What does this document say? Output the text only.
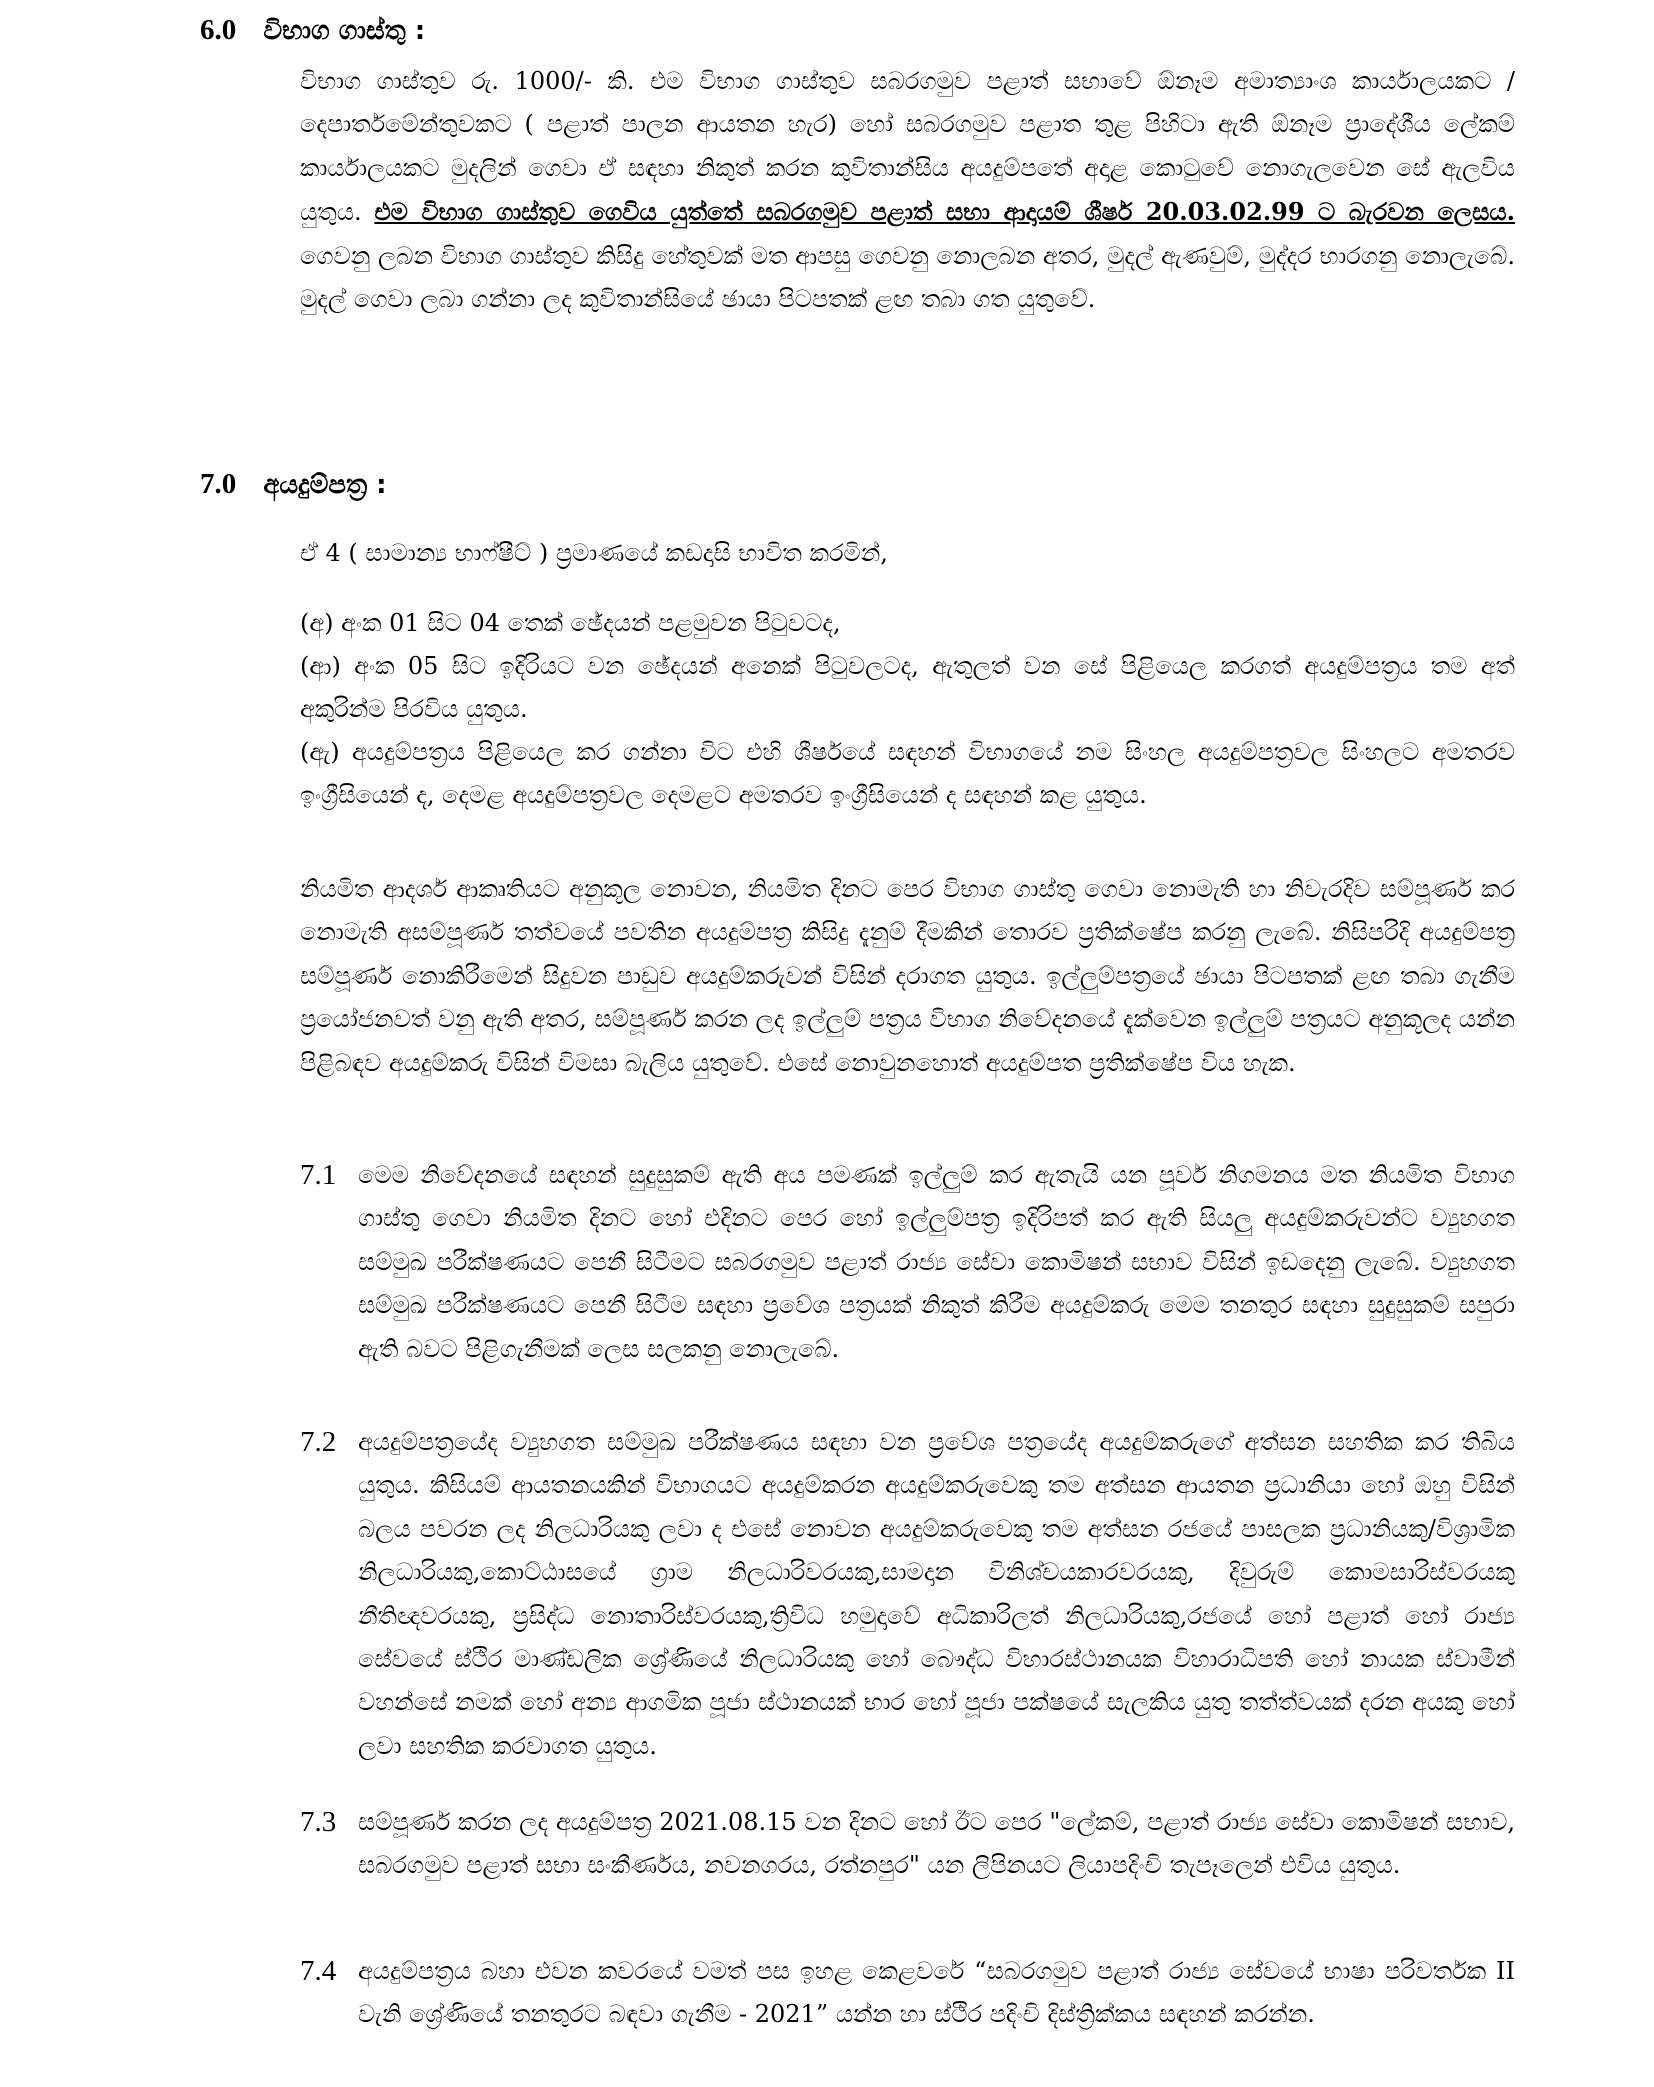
6.0 විභාග ගාස්තු :

විභාග ගාස්තුව රු. 1000/- කි. එම විභාග ගාස්තුව සබරගමුව පළාත් සභාවේ ඕනෑම අමාත්‍යාංශ කාර්යාලයකට / දෙපාර්තමේන්තුවකට ( පළාත් පාලන ආයතන හැර) හෝ සබරගමුව පළාත තුළ පිහිටා ඇති ඕනෑම ප්‍රාදේශීය ලේකම් කාර්යාලයකට මුදලින් ගෙවා ඒ සඳහා නිකුත් කරන කුවිතාන්සිය අයදුම්පතේ අදාළ කොටුවේ නොගැලවෙන සේ ඇලවිය යුතුය. එම විභාග ගාස්තුව ගෙවිය යුත්තේ සබරගමුව පළාත් සභා ආදායම් ශීර්ෂ 20.03.02.99 ට බැරවන ලෙසය. ගෙවනු ලබන විභාග ගාස්තුව කිසිදු හේතුවක් මත ආපසු ගෙවනු නොලබන අතර, මුදල් ඇණවුම්, මුද්දර භාරගනු නොලැබේ. මුදල් ගෙවා ලබා ගන්නා ලද කුවිතාන්සියේ ඡායා පිටපතක් ළඟ තබා ගත යුතුවේ.

7.0 අයදුම්පත්‍ර :

ඒ 4 ( සාමාන්‍ය භාෆ්ෂීට් ) ප්‍රමාණයේ කඩදාසි භාවිත කරමින්,

(අ) අංක 01 සිට 04 තෙක් ඡේදයන් පළමුවන පිටුවටද,

(ආ) අංක 05 සිට ඉදිරියට වන ඡේදයන් අනෙක් පිටුවලටද, ඇතුලත් වන සේ පිළියෙල කරගත් අයදුම්පත්‍රය තම අත් අකුරින්ම පිරවිය යුතුය.

(ඇ) අයදුම්පත්‍රය පිළියෙල කර ගන්නා විට එහි ශීර්ෂයේ සඳහන් විභාගයේ නම සිංහල අයදුම්පත්‍රවල සිංහලට අමතරව ඉංග්‍රීසියෙන් ද, දෙමළ අයදුම්පත්‍රවල දෙමළට අමතරව ඉංග්‍රීසියෙන් ද සඳහන් කළ යුතුය.

නියමිත ආදර්ශ ආකෘතියට අනුකූල නොවන, නියමිත දිනට පෙර විභාග ගාස්තු ගෙවා නොමැති හා නිවැරදිව සම්පූර්ණ කර නොමැති අසම්පූර්ණ තත්වයේ පවතින අයදුම්පත්‍ර කිසිදු දැනුම් දීමකින් තොරව ප්‍රතික්ෂේප කරනු ලැබේ. නිසිපරිදි අයදුම්පත්‍ර සම්පූර්ණ නොකිරීමෙන් සිදුවන පාඩුව අයදුම්කරුවන් විසින් දරාගත යුතුය. ඉල්ලුම්පත්‍රයේ ඡායා පිටපතක් ළඟ තබා ගැනීම ප්‍රයෝජනවත් වනු ඇති අතර, සම්පූර්ණ කරන ලද ඉල්ලුම් පත්‍රය විභාග නිවේදනයේ දැක්වෙන ඉල්ලුම් පත්‍රයට අනුකූලද යන්න පිළිබඳව අයදුම්කරු විසින් විමසා බැලිය යුතුවේ. එසේ නොවුනහොත් අයදුම්පත ප්‍රතික්ෂේප විය හැක.

7.1 මෙම නිවේදනයේ සඳහන් සුදුසුකම් ඇති අය පමණක් ඉල්ලුම් කර ඇතැයි යන පූර්ව නිගමනය මත නියමිත විභාග ගාස්තු ගෙවා නියමිත දිනට හෝ එදිනට පෙර හෝ ඉල්ලුම්පත්‍ර ඉදිරිපත් කර ඇති සියලු අයදුම්කරුවන්ට ව්‍යුහගත සම්මුඛ පරීක්ෂණයට පෙනී සිටීමට සබරගමුව පළාත් රාජ්‍ය සේවා කොමිෂන් සභාව විසින් ඉඩදෙනු ලැබේ. ව්‍යුහගත සම්මුඛ පරීක්ෂණයට පෙනී සිටීම සඳහා ප්‍රවේශ පත්‍රයක් නිකුත් කිරීම අයදුම්කරු මෙම තනතුර සඳහා සුදුසුකම් සපුරා ඇති බවට පිළිගැනීමක් ලෙස සලකනු නොලැබේ.

7.2 අයදුම්පත්‍රයේද ව්‍යුහගත සම්මුඛ පරීක්ෂණය සඳහා වන ප්‍රවේශ පත්‍රයේද අයදුම්කරුගේ අත්සන සහතික කර තිබිය යුතුය. කිසියම් ආයතනයකින් විභාගයට අයදුම්කරන අයදුම්කරුවෙකු තම අත්සන ආයතන ප්‍රධානියා හෝ ඔහු විසින් බලය පවරන ලද නිලධාරියකු ලවා ද එසේ නොවන අයදුම්කරුවෙකු තම අත්සන රජයේ පාසලක ප්‍රධානියකු/විශ්‍රාමික නිලධාරියකු,කොට්ඨාසයේ ග්‍රාම නිලධාරිවරයකු,සාමදාන විනිශ්චයකාරවරයකු, දිවුරුම් කොමසාරිස්වරයකු නීතිඥවරයකු, ප්‍රසිද්ධ නොතාරිස්වරයකු,ත්‍රිවිධ හමුදාවේ අධිකාරිලත් නිලධාරියකු,රජයේ හෝ පළාත් හෝ රාජ්‍ය සේවයේ ස්ථිර මාණ්ඩලික ශ්‍රේණියේ නිලධාරියකු හෝ බෞද්ධ විහාරස්ථානයක විහාරාධිපති හෝ නායක ස්වාමීන් වහන්සේ නමක් හෝ අන්‍ය ආගමික පූජා ස්ථානයක් භාර හෝ පූජා පක්ෂයේ සැලකිය යුතු තත්ත්වයක් දරන අයකු හෝ ලවා සහතික කරවාගත යුතුය.

7.3 සම්පූර්ණ කරන ලද අයදුම්පත්‍ර 2021.08.15 වන දිනට හෝ ඊට පෙර "ලේකම්, පළාත් රාජ්‍ය සේවා කොමිෂන් සභාව, සබරගමුව පළාත් සභා සංකීර්ණය, නවනගරය, රත්නපුර" යන ලිපිනයට ලියාපදිංචි තැපෑලෙන් එවිය යුතුය.

7.4 අයදුම්පත්‍රය බහා එවන කවරයේ වමත් පස ඉහළ කෙළවරේ “සබරගමුව පළාත් රාජ්‍ය සේවයේ භාෂා පරිවර්තක II වැනි ශ්‍රේණියේ තනතුරට බඳවා ගැනීම - 2021” යන්න හා ස්ථිර පදිංචි දිස්ත්‍රික්කය සඳහන් කරන්න.
